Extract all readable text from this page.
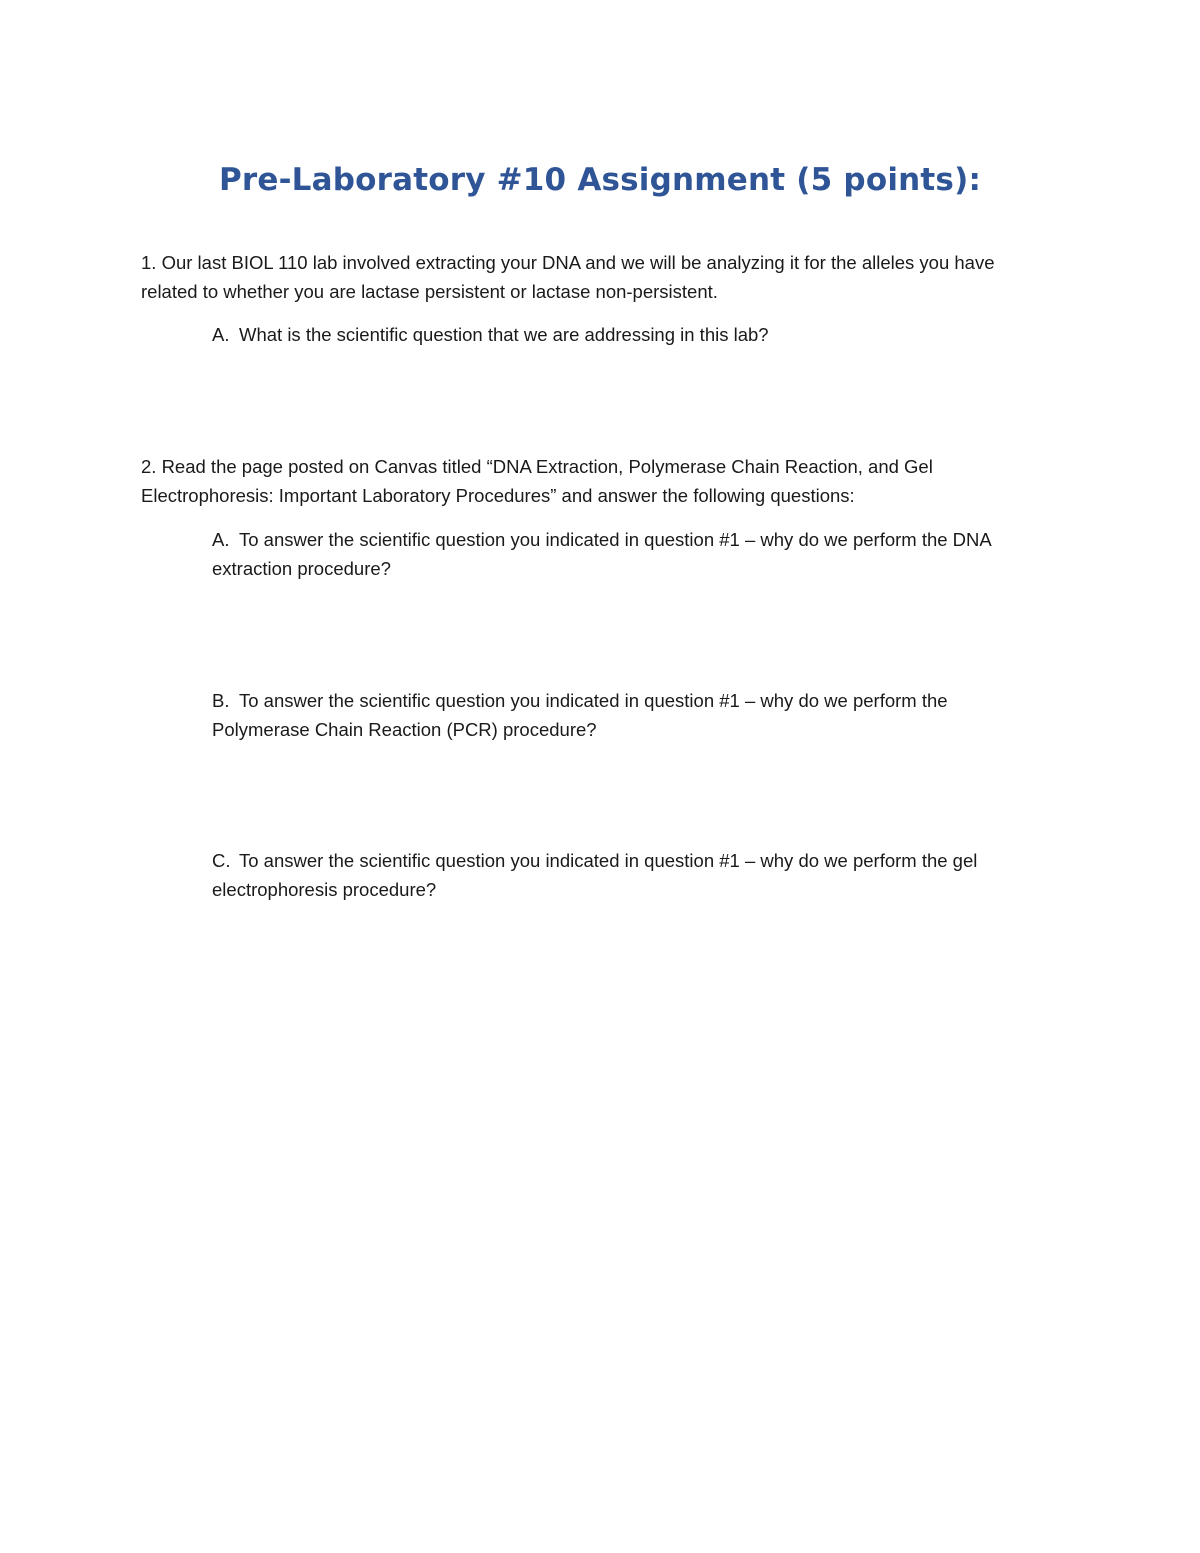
Pre-Laboratory #10 Assignment (5 points):
1. Our last BIOL 110 lab involved extracting your DNA and we will be analyzing it for the alleles you have
related to whether you are lactase persistent or lactase non-persistent.
A. What is the scientific question that we are addressing in this lab?
2. Read the page posted on Canvas titled “DNA Extraction, Polymerase Chain Reaction, and Gel
Electrophoresis: Important Laboratory Procedures” and answer the following questions:
A. To answer the scientific question you indicated in question #1 – why do we perform the DNA
extraction procedure?
B. To answer the scientific question you indicated in question #1 – why do we perform the
Polymerase Chain Reaction (PCR) procedure?
C. To answer the scientific question you indicated in question #1 – why do we perform the gel
electrophoresis procedure?
